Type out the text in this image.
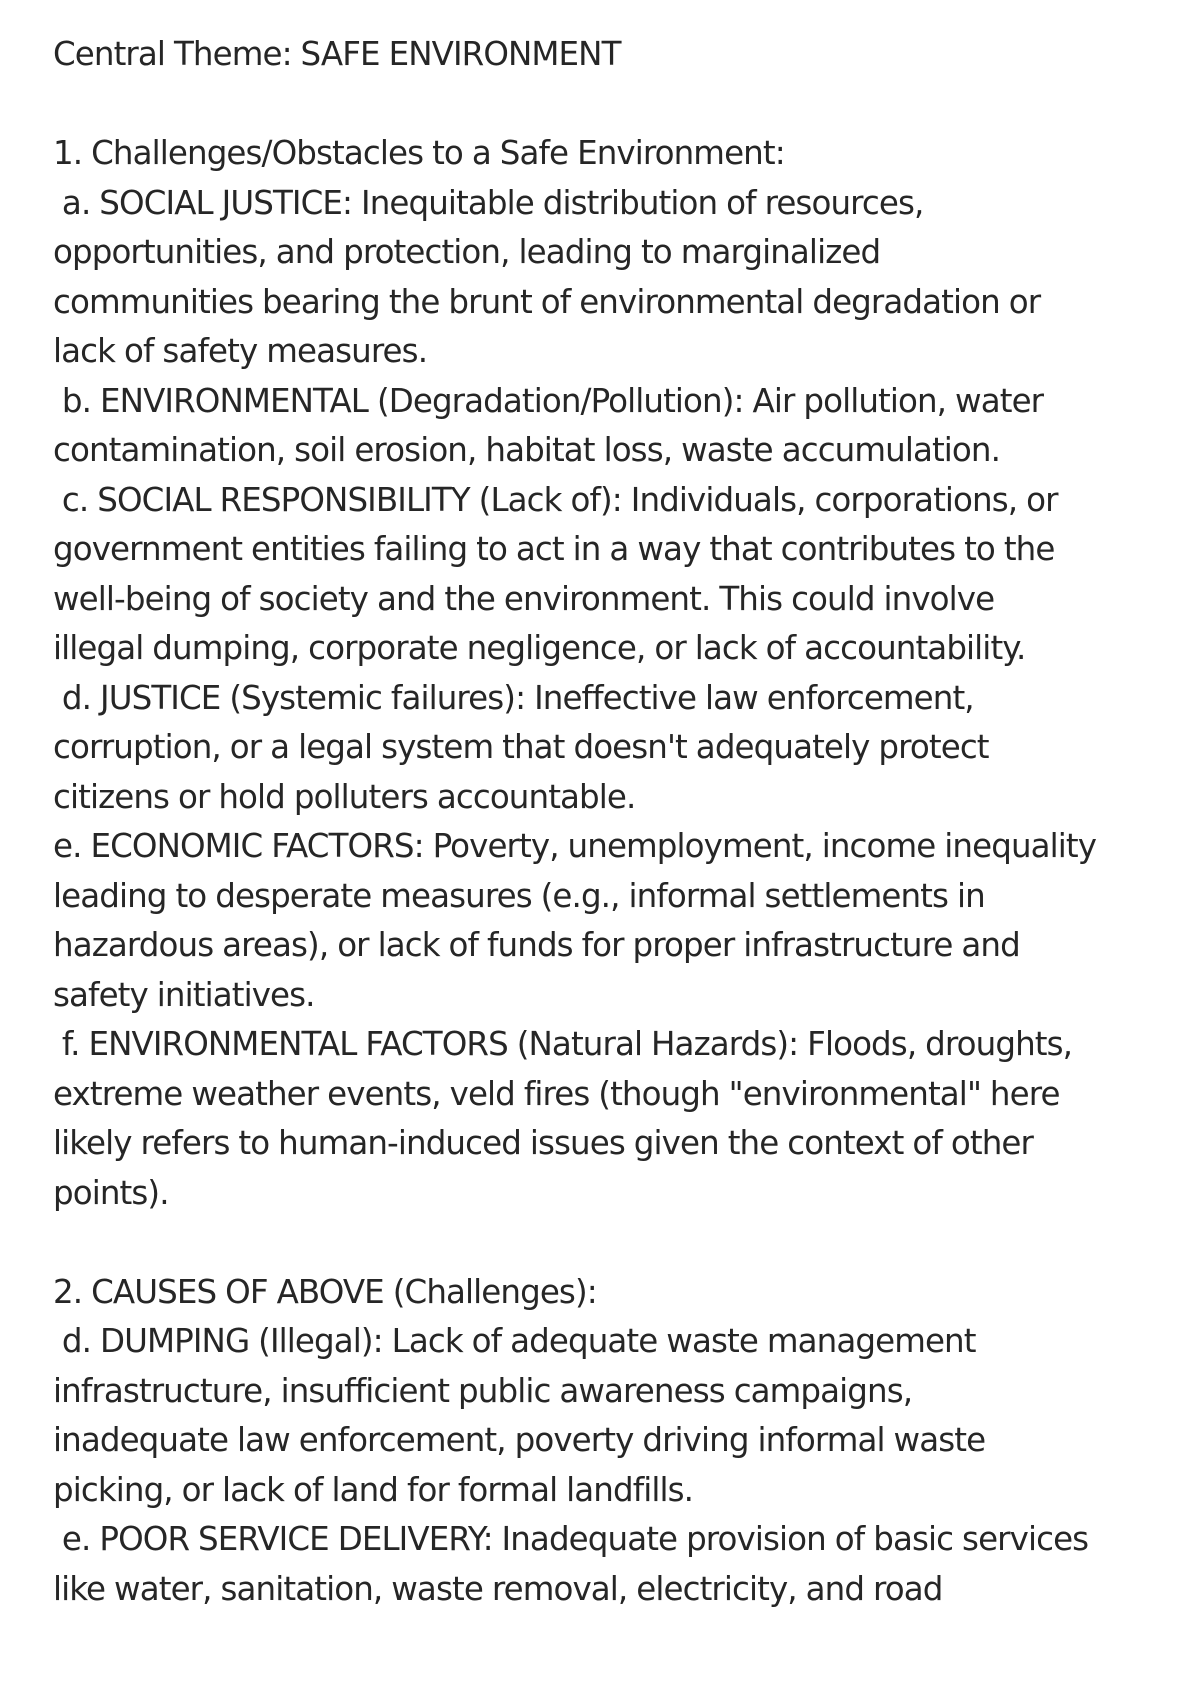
Central Theme: SAFE ENVIRONMENT
1. Challenges/Obstacles to a Safe Environment:
a. SOCIAL JUSTICE: Inequitable distribution of resources,
opportunities, and protection, leading to marginalized
communities bearing the brunt of environmental degradation or
lack of safety measures.
b. ENVIRONMENTAL (Degradation/Pollution): Air pollution, water
contamination, soil erosion, habitat loss, waste accumulation.
c. SOCIAL RESPONSIBILITY (Lack of): Individuals, corporations, or
government entities failing to act in a way that contributes to the
well-being of society and the environment. This could involve
illegal dumping, corporate negligence, or lack of accountability.
d. JUSTICE (Systemic failures): Ineffective law enforcement,
corruption, or a legal system that doesn't adequately protect
citizens or hold polluters accountable.
e. ECONOMIC FACTORS: Poverty, unemployment, income inequality
leading to desperate measures (e.g., informal settlements in
hazardous areas), or lack of funds for proper infrastructure and
safety initiatives.
f. ENVIRONMENTAL FACTORS (Natural Hazards): Floods, droughts,
extreme weather events, veld fires (though "environmental" here
likely refers to human-induced issues given the context of other
points).
2. CAUSES OF ABOVE (Challenges):
d. DUMPING (Illegal): Lack of adequate waste management
infrastructure, insufficient public awareness campaigns,
inadequate law enforcement, poverty driving informal waste
picking, or lack of land for formal landfills.
e. POOR SERVICE DELIVERY: Inadequate provision of basic services
like water, sanitation, waste removal, electricity, and road
